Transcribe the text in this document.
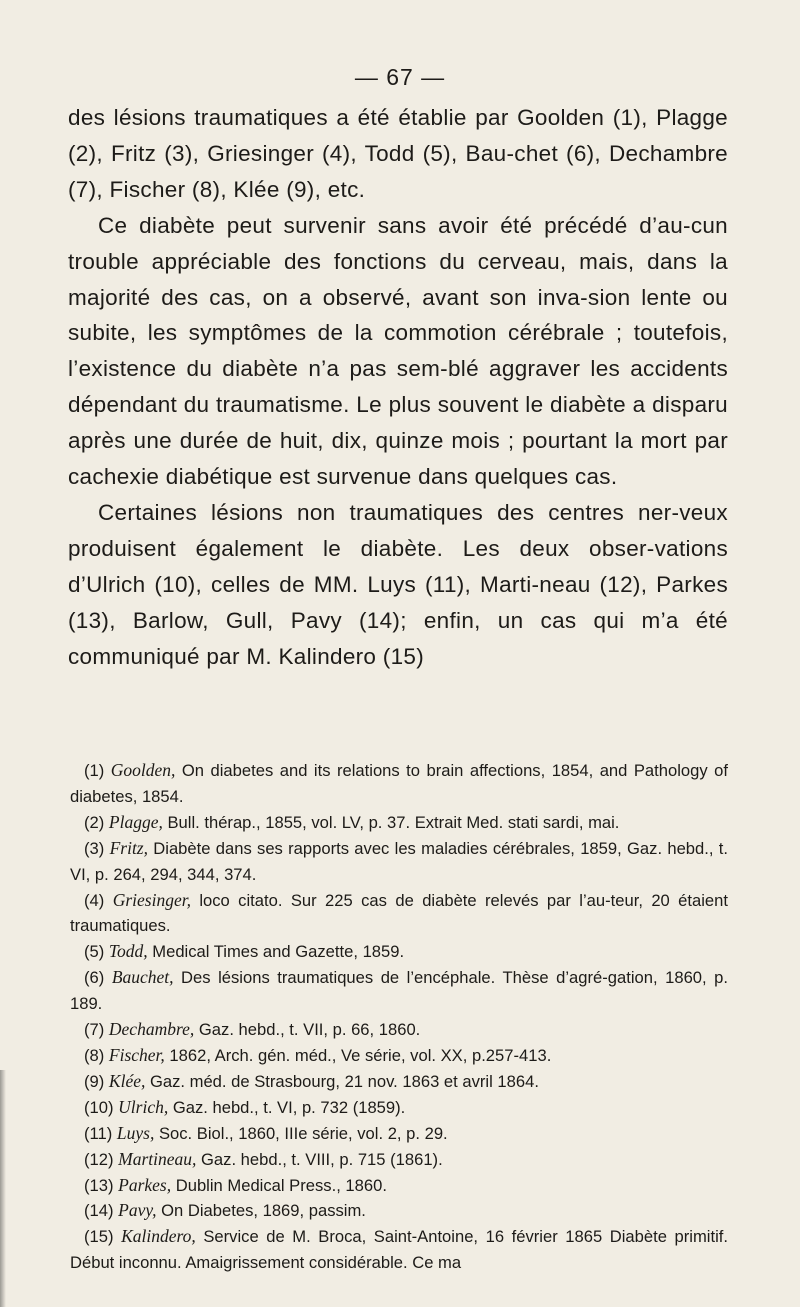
— 67 —

des lésions traumatiques a été établie par Goolden (1), Plagge (2), Fritz (3), Griesinger (4), Todd (5), Bau-chet (6), Dechambre (7), Fischer (8), Klée (9), etc.

Ce diabète peut survenir sans avoir été précédé d’au-cun trouble appréciable des fonctions du cerveau, mais, dans la majorité des cas, on a observé, avant son inva-sion lente ou subite, les symptômes de la commotion cérébrale ; toutefois, l’existence du diabète n’a pas sem-blé aggraver les accidents dépendant du traumatisme. Le plus souvent le diabète a disparu après une durée de huit, dix, quinze mois ; pourtant la mort par cachexie diabétique est survenue dans quelques cas.

Certaines lésions non traumatiques des centres ner-veux produisent également le diabète. Les deux obser-vations d’Ulrich (10), celles de MM. Luys (11), Marti-neau (12), Parkes (13), Barlow, Gull, Pavy (14); enfin, un cas qui m’a été communiqué par M. Kalindero (15)

(1) Goolden, On diabetes and its relations to brain affections, 1854, and Pathology of diabetes, 1854.

(2) Plagge, Bull. thérap., 1855, vol. LV, p. 37. Extrait Med. stati sardi, mai.

(3) Fritz, Diabète dans ses rapports avec les maladies cérébrales, 1859, Gaz. hebd., t. VI, p. 264, 294, 344, 374.

(4) Griesinger, loco citato. Sur 225 cas de diabète relevés par l’au-teur, 20 étaient traumatiques.

(5) Todd, Medical Times and Gazette, 1859.

(6) Bauchet, Des lésions traumatiques de l’encéphale. Thèse d’agré-gation, 1860, p. 189.

(7) Dechambre, Gaz. hebd., t. VII, p. 66, 1860.

(8) Fischer, 1862, Arch. gén. méd., Ve série, vol. XX, p.257-413.

(9) Klée, Gaz. méd. de Strasbourg, 21 nov. 1863 et avril 1864.

(10) Ulrich, Gaz. hebd., t. VI, p. 732 (1859).

(11) Luys, Soc. Biol., 1860, IIIe série, vol. 2, p. 29.

(12) Martineau, Gaz. hebd., t. VIII, p. 715 (1861).

(13) Parkes, Dublin Medical Press., 1860.

(14) Pavy, On Diabetes, 1869, passim.

(15) Kalindero, Service de M. Broca, Saint-Antoine, 16 février 1865 Diabète primitif. Début inconnu. Amaigrissement considérable. Ce ma
